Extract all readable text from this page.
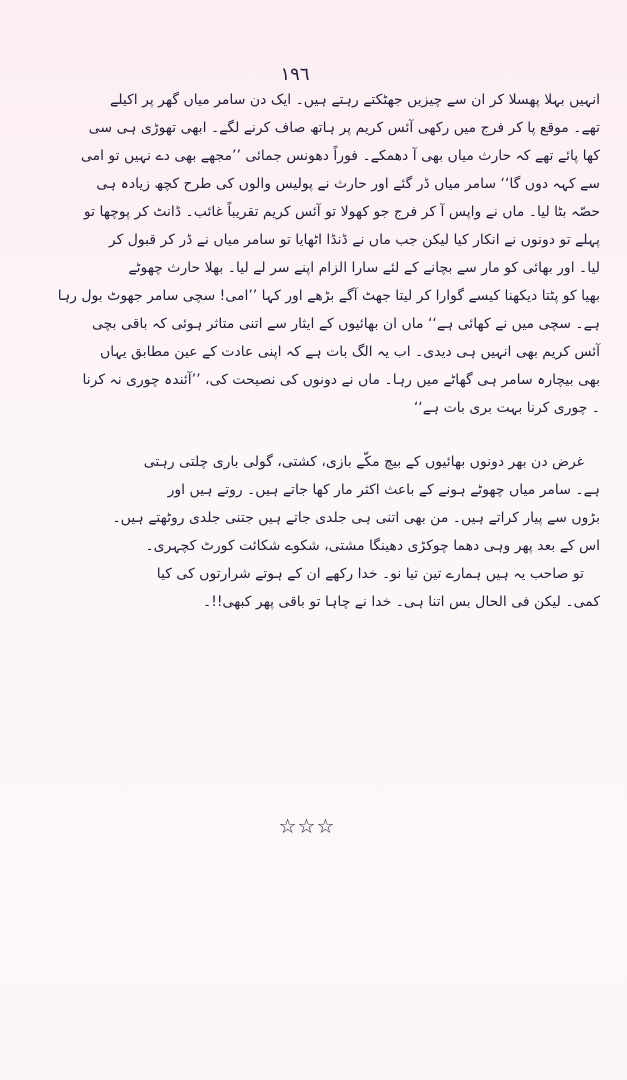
١٩٦
انہیں بہلا پھسلا کر ان سے چیزیں جھٹکتے رہتے ہیں۔ ایک دن سامر میاں گھر پر اکیلے
تھے۔ موقع پا کر فرج میں رکھی آئس کریم پر ہاتھ صاف کرنے لگے۔ ابھی تھوڑی ہی سی
کھا پائے تھے کہ حارث میاں بھی آ دھمکے۔ فوراً دھونس جمائی ’’مجھے بھی دے نہیں تو امی
سے کہہ دوں گا‘‘ سامر میاں ڈر گئے اور حارث نے پولیس والوں کی طرح کچھ زیادہ ہی
حصّہ بٹا لیا۔ ماں نے واپس آ کر فرج جو کھولا تو آئس کریم تقریباً غائب۔ ڈانٹ کر پوچھا تو
پہلے تو دونوں نے انکار کیا لیکن جب ماں نے ڈنڈا اٹھایا تو سامر میاں نے ڈر کر قبول کر
لیا۔ اور بھائی کو مار سے بچانے کے لئے سارا الزام اپنے سر لے لیا۔ بھلا حارث چھوٹے
بھیا کو پٹتا دیکھنا کیسے گوارا کر لیتا جھٹ آگے بڑھے اور کہا ’’امی! سچی سامر جھوٹ بول رہا
ہے۔ سچی میں نے کھائی ہے‘‘ ماں ان بھائیوں کے ایثار سے اتنی متاثر ہوئی کہ باقی بچی
آئس کریم بھی انہیں ہی دیدی۔ اب یہ الگ بات ہے کہ اپنی عادت کے عین مطابق یہاں
بھی بیچارہ سامر ہی گھاٹے میں رہا۔ ماں نے دونوں کی نصیحت کی، ’’آئندہ چوری نہ کرنا
۔ چوری کرنا بہت بری بات ہے‘‘
غرض دن بھر دونوں بھائیوں کے بیچ مکّے بازی، کشتی، گولی باری چلتی رہتی
ہے۔ سامر میاں چھوٹے ہونے کے باعث اکثر مار کھا جاتے ہیں۔ روتے ہیں اور
بڑوں سے پیار کراتے ہیں۔ من بھی اتنی ہی جلدی جاتے ہیں جتنی جلدی روٹھتے ہیں۔
اس کے بعد پھر وہی دھما چوکڑی دھینگا مشتی، شکوے شکائت کورٹ کچہری۔
تو صاحب یہ ہیں ہمارے تین تیا نو۔ خدا رکھے ان کے ہوتے شرارتوں کی کیا
کمی۔ لیکن فی الحال بس اتنا ہی۔ خدا نے چاہا تو باقی پھر کبھی!!۔
☆☆☆
